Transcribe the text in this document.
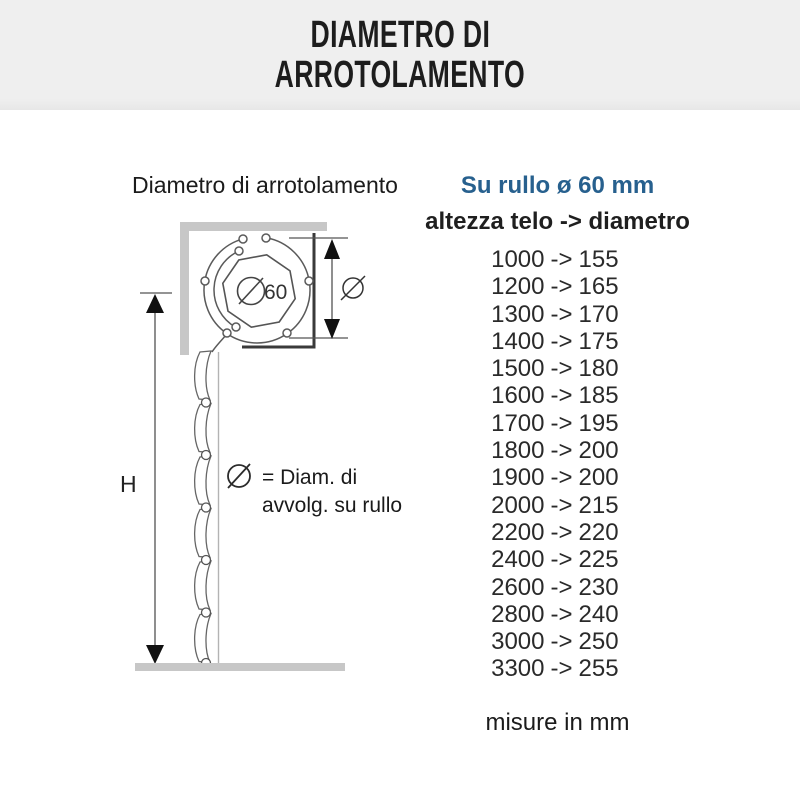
DIAMETRO DI
ARROTOLAMENTO
Diametro di arrotolamento
60
H	= Diam. di
avvolg. su rullo
Su rullo ø 60 mm
altezza telo -> diametro
1000 -> 155
1200 -> 165
1300 -> 170
1400 -> 175
1500 -> 180
1600 -> 185
1700 -> 195
1800 -> 200
1900 -> 200
2000 -> 215
2200 -> 220
2400 -> 225
2600 -> 230
2800 -> 240
3000 -> 250
3300 -> 255
misure in mm
